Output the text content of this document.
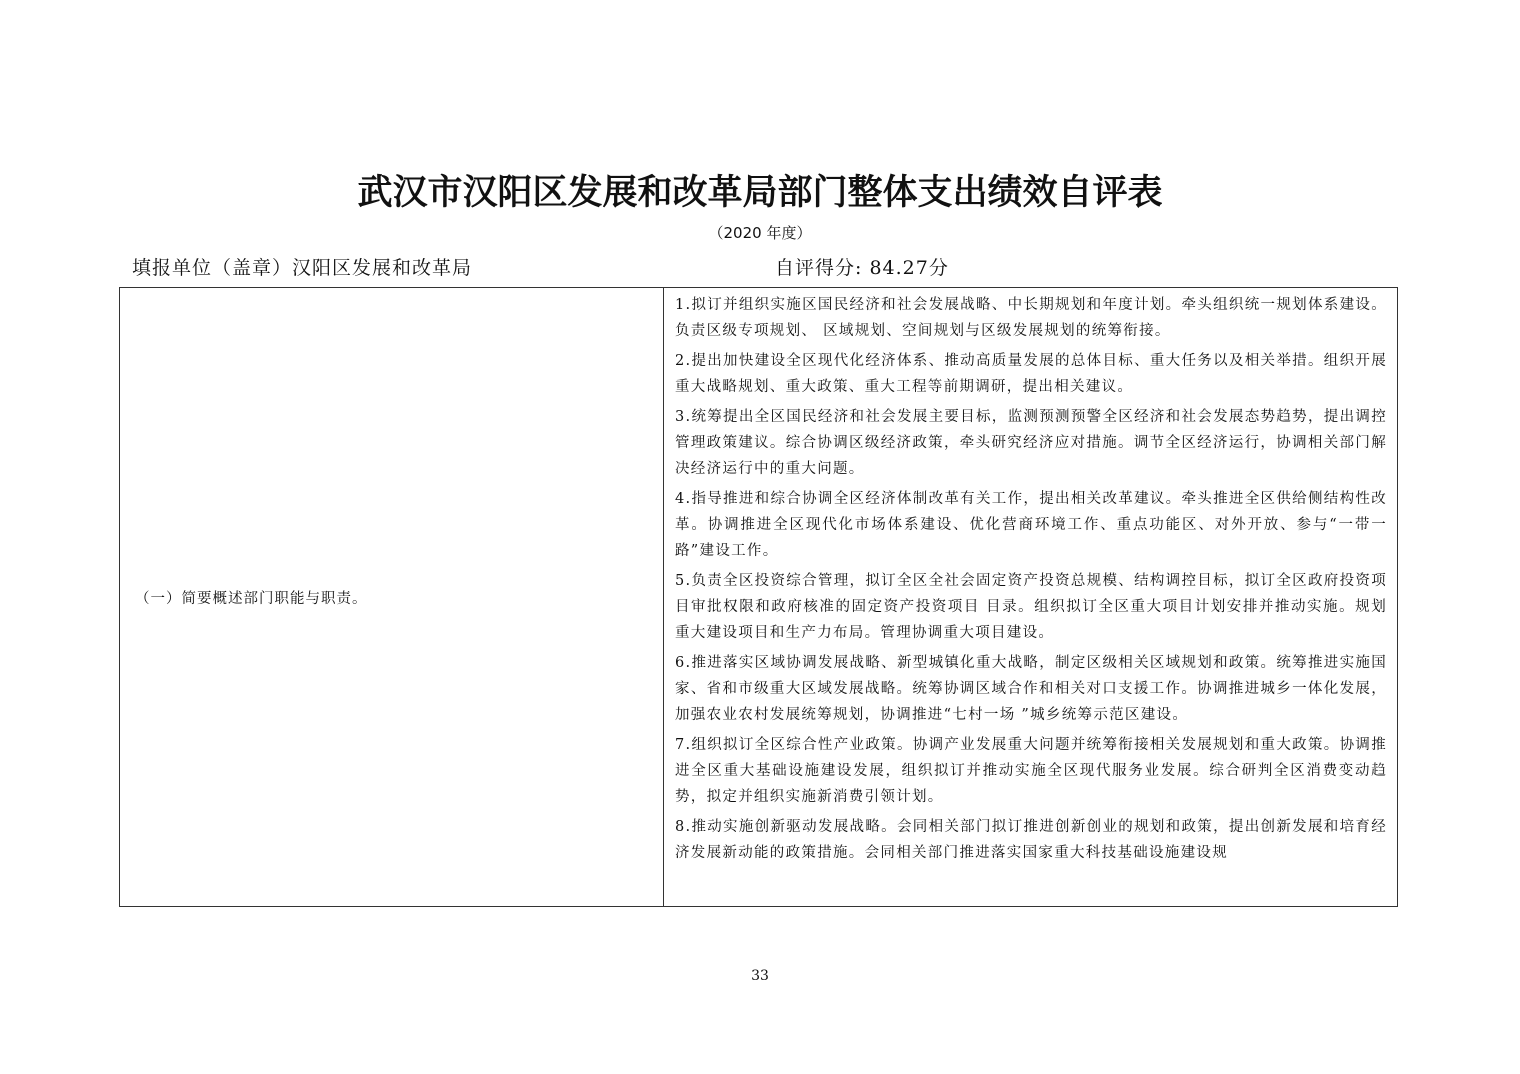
武汉市汉阳区发展和改革局部门整体支出绩效自评表
（2020 年度）
填报单位（盖章）汉阳区发展和改革局	自评得分: 84.27分
（一）简要概述部门职能与职责。
1.拟订并组织实施区国民经济和社会发展战略、中长期规划和年度计划。牵头组织统一规划体系建设。负责区级专项规划、 区域规划、空间规划与区级发展规划的统筹衔接。
2.提出加快建设全区现代化经济体系、推动高质量发展的总体目标、重大任务以及相关举措。组织开展重大战略规划、重大政策、重大工程等前期调研，提出相关建议。
3.统筹提出全区国民经济和社会发展主要目标，监测预测预警全区经济和社会发展态势趋势，提出调控管理政策建议。综合协调区级经济政策，牵头研究经济应对措施。调节全区经济运行，协调相关部门解决经济运行中的重大问题。
4.指导推进和综合协调全区经济体制改革有关工作，提出相关改革建议。牵头推进全区供给侧结构性改革。协调推进全区现代化市场体系建设、优化营商环境工作、重点功能区、对外开放、参与“一带一路”建设工作。
5.负责全区投资综合管理，拟订全区全社会固定资产投资总规模、结构调控目标，拟订全区政府投资项目审批权限和政府核准的固定资产投资项目 目录。组织拟订全区重大项目计划安排并推动实施。规划重大建设项目和生产力布局。管理协调重大项目建设。
6.推进落实区域协调发展战略、新型城镇化重大战略，制定区级相关区域规划和政策。统筹推进实施国家、省和市级重大区域发展战略。统筹协调区域合作和相关对口支援工作。协调推进城乡一体化发展，加强农业农村发展统筹规划，协调推进“七村一场 ”城乡统筹示范区建设。
7.组织拟订全区综合性产业政策。协调产业发展重大问题并统筹衔接相关发展规划和重大政策。协调推进全区重大基础设施建设发展，组织拟订并推动实施全区现代服务业发展。综合研判全区消费变动趋势，拟定并组织实施新消费引领计划。
8.推动实施创新驱动发展战略。会同相关部门拟订推进创新创业的规划和政策，提出创新发展和培育经济发展新动能的政策措施。会同相关部门推进落实国家重大科技基础设施建设规
33
